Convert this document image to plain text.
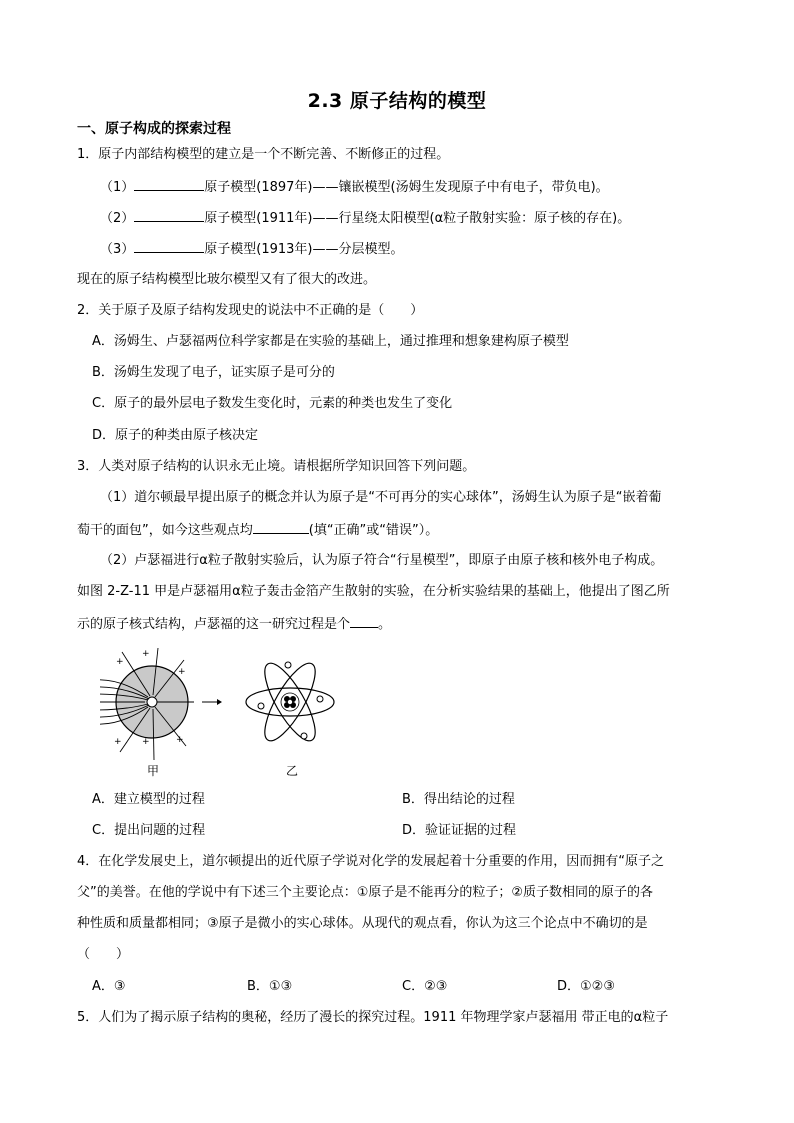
2.3 原子结构的模型
一、原子构成的探索过程
1．原子内部结构模型的建立是一个不断完善、不断修正的过程。
（1）	原子模型(1897年)——镶嵌模型(汤姆生发现原子中有电子，带负电)。
（2）	原子模型(1911年)——行星绕太阳模型(α粒子散射实验：原子核的存在)。
（3）	原子模型(1913年)——分层模型。
现在的原子结构模型比玻尔模型又有了很大的改进。
2．关于原子及原子结构发现史的说法中不正确的是（　　）
A．汤姆生、卢瑟福两位科学家都是在实验的基础上，通过推理和想象建构原子模型
B．汤姆生发现了电子，证实原子是可分的
C．原子的最外层电子数发生变化时，元素的种类也发生了变化
D．原子的种类由原子核决定
3．人类对原子结构的认识永无止境。请根据所学知识回答下列问题。
（1）道尔顿最早提出原子的概念并认为原子是“不可再分的实心球体”，汤姆生认为原子是“嵌着葡
萄干的面包”，如今这些观点均	(填“正确”或“错误”）。
（2）卢瑟福进行α粒子散射实验后，认为原子符合“行星模型”，即原子由原子核和核外电子构成。
如图 2-Z-11 甲是卢瑟福用α粒子轰击金箔产生散射的实验，在分析实验结果的基础上，他提出了图乙所
示的原子核式结构，卢瑟福的这一研究过程是个 。
+
+
+
+ +	+
甲	乙
A．建立模型的过程	B．得出结论的过程
C．提出问题的过程	D．验证证据的过程
4．在化学发展史上，道尔顿提出的近代原子学说对化学的发展起着十分重要的作用，因而拥有“原子之
父”的美誉。在他的学说中有下述三个主要论点：①原子是不能再分的粒子；②质子数相同的原子的各
种性质和质量都相同；③原子是微小的实心球体。从现代的观点看，你认为这三个论点中不确切的是
（　　）
A．③	B．①③	C．②③	D．①②③
5．人们为了揭示原子结构的奥秘，经历了漫长的探究过程。1911 年物理学家卢瑟福用 带正电的α粒子
